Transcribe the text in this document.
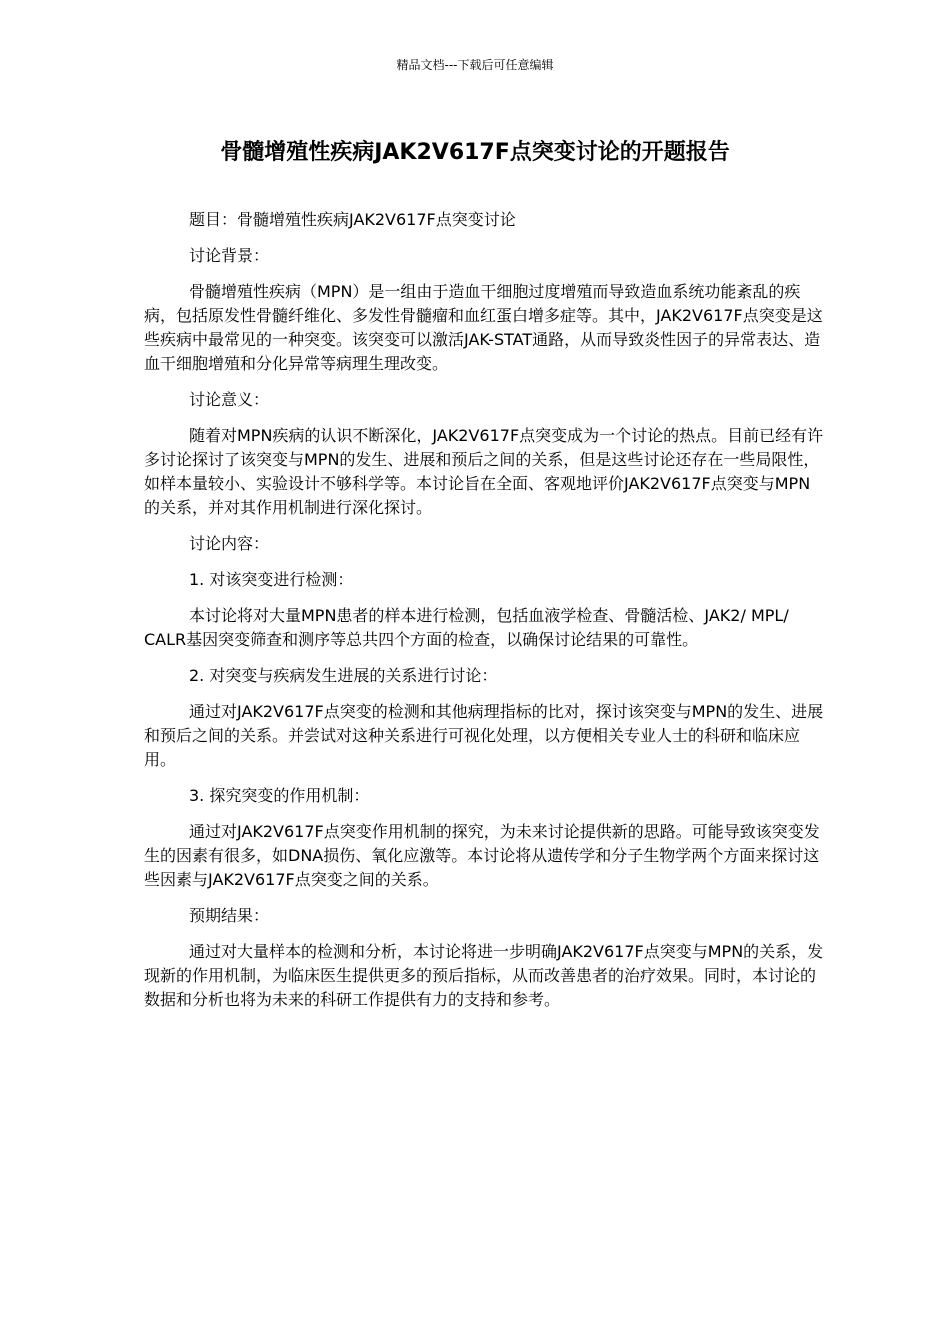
精品文档---下载后可任意编辑
骨髓增殖性疾病JAK2V617F点突变讨论的开题报告

题目：骨髓增殖性疾病JAK2V617F点突变讨论

讨论背景：

骨髓增殖性疾病（MPN）是一组由于造血干细胞过度增殖而导致造血系统功能紊乱的疾病，包括原发性骨髓纤维化、多发性骨髓瘤和血红蛋白增多症等。其中，JAK2V617F点突变是这些疾病中最常见的一种突变。该突变可以激活JAK-STAT通路，从而导致炎性因子的异常表达、造血干细胞增殖和分化异常等病理生理改变。

讨论意义：

随着对MPN疾病的认识不断深化，JAK2V617F点突变成为一个讨论的热点。目前已经有许多讨论探讨了该突变与MPN的发生、进展和预后之间的关系，但是这些讨论还存在一些局限性，如样本量较小、实验设计不够科学等。本讨论旨在全面、客观地评价JAK2V617F点突变与MPN的关系，并对其作用机制进行深化探讨。

讨论内容：

1. 对该突变进行检测：

本讨论将对大量MPN患者的样本进行检测，包括血液学检查、骨髓活检、JAK2/ MPL/ CALR基因突变筛查和测序等总共四个方面的检查，以确保讨论结果的可靠性。

2. 对突变与疾病发生进展的关系进行讨论：

通过对JAK2V617F点突变的检测和其他病理指标的比对，探讨该突变与MPN的发生、进展和预后之间的关系。并尝试对这种关系进行可视化处理，以方便相关专业人士的科研和临床应用。

3. 探究突变的作用机制：

通过对JAK2V617F点突变作用机制的探究，为未来讨论提供新的思路。可能导致该突变发生的因素有很多，如DNA损伤、氧化应激等。本讨论将从遗传学和分子生物学两个方面来探讨这些因素与JAK2V617F点突变之间的关系。

预期结果：

通过对大量样本的检测和分析，本讨论将进一步明确JAK2V617F点突变与MPN的关系，发现新的作用机制，为临床医生提供更多的预后指标，从而改善患者的治疗效果。同时，本讨论的数据和分析也将为未来的科研工作提供有力的支持和参考。
